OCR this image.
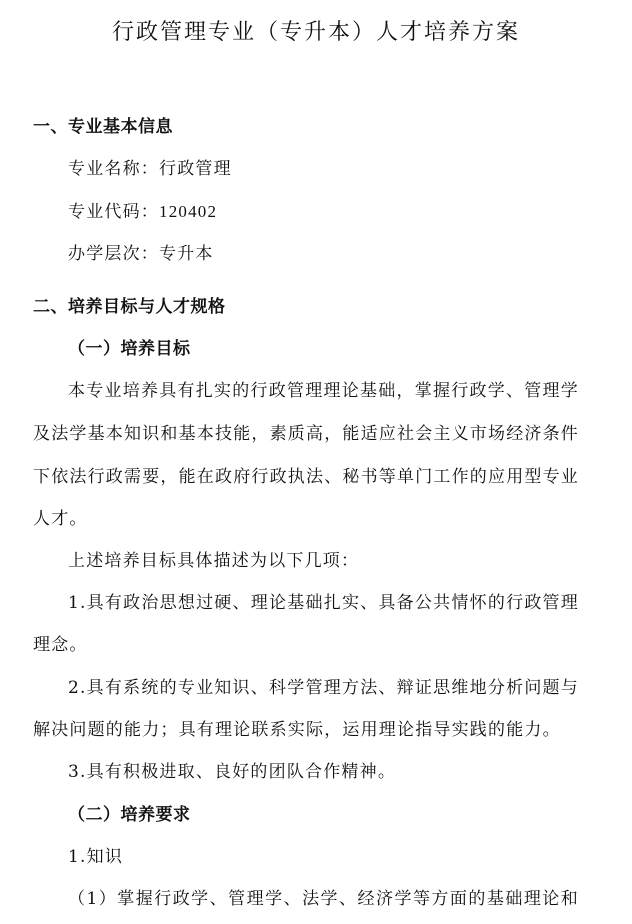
行政管理专业（专升本）人才培养方案
一、专业基本信息
专业名称：行政管理
专业代码：120402
办学层次：专升本
二、培养目标与人才规格
（一）培养目标
本专业培养具有扎实的行政管理理论基础，掌握行政学、管理学
及法学基本知识和基本技能，素质高，能适应社会主义市场经济条件
下依法行政需要，能在政府行政执法、秘书等单门工作的应用型专业
人才。
上述培养目标具体描述为以下几项：
1.具有政治思想过硬、理论基础扎实、具备公共情怀的行政管理
理念。
2.具有系统的专业知识、科学管理方法、辩证思维地分析问题与
解决问题的能力；具有理论联系实际，运用理论指导实践的能力。
3.具有积极进取、良好的团队合作精神。
（二）培养要求
1.知识
（1）掌握行政学、管理学、法学、经济学等方面的基础理论和
